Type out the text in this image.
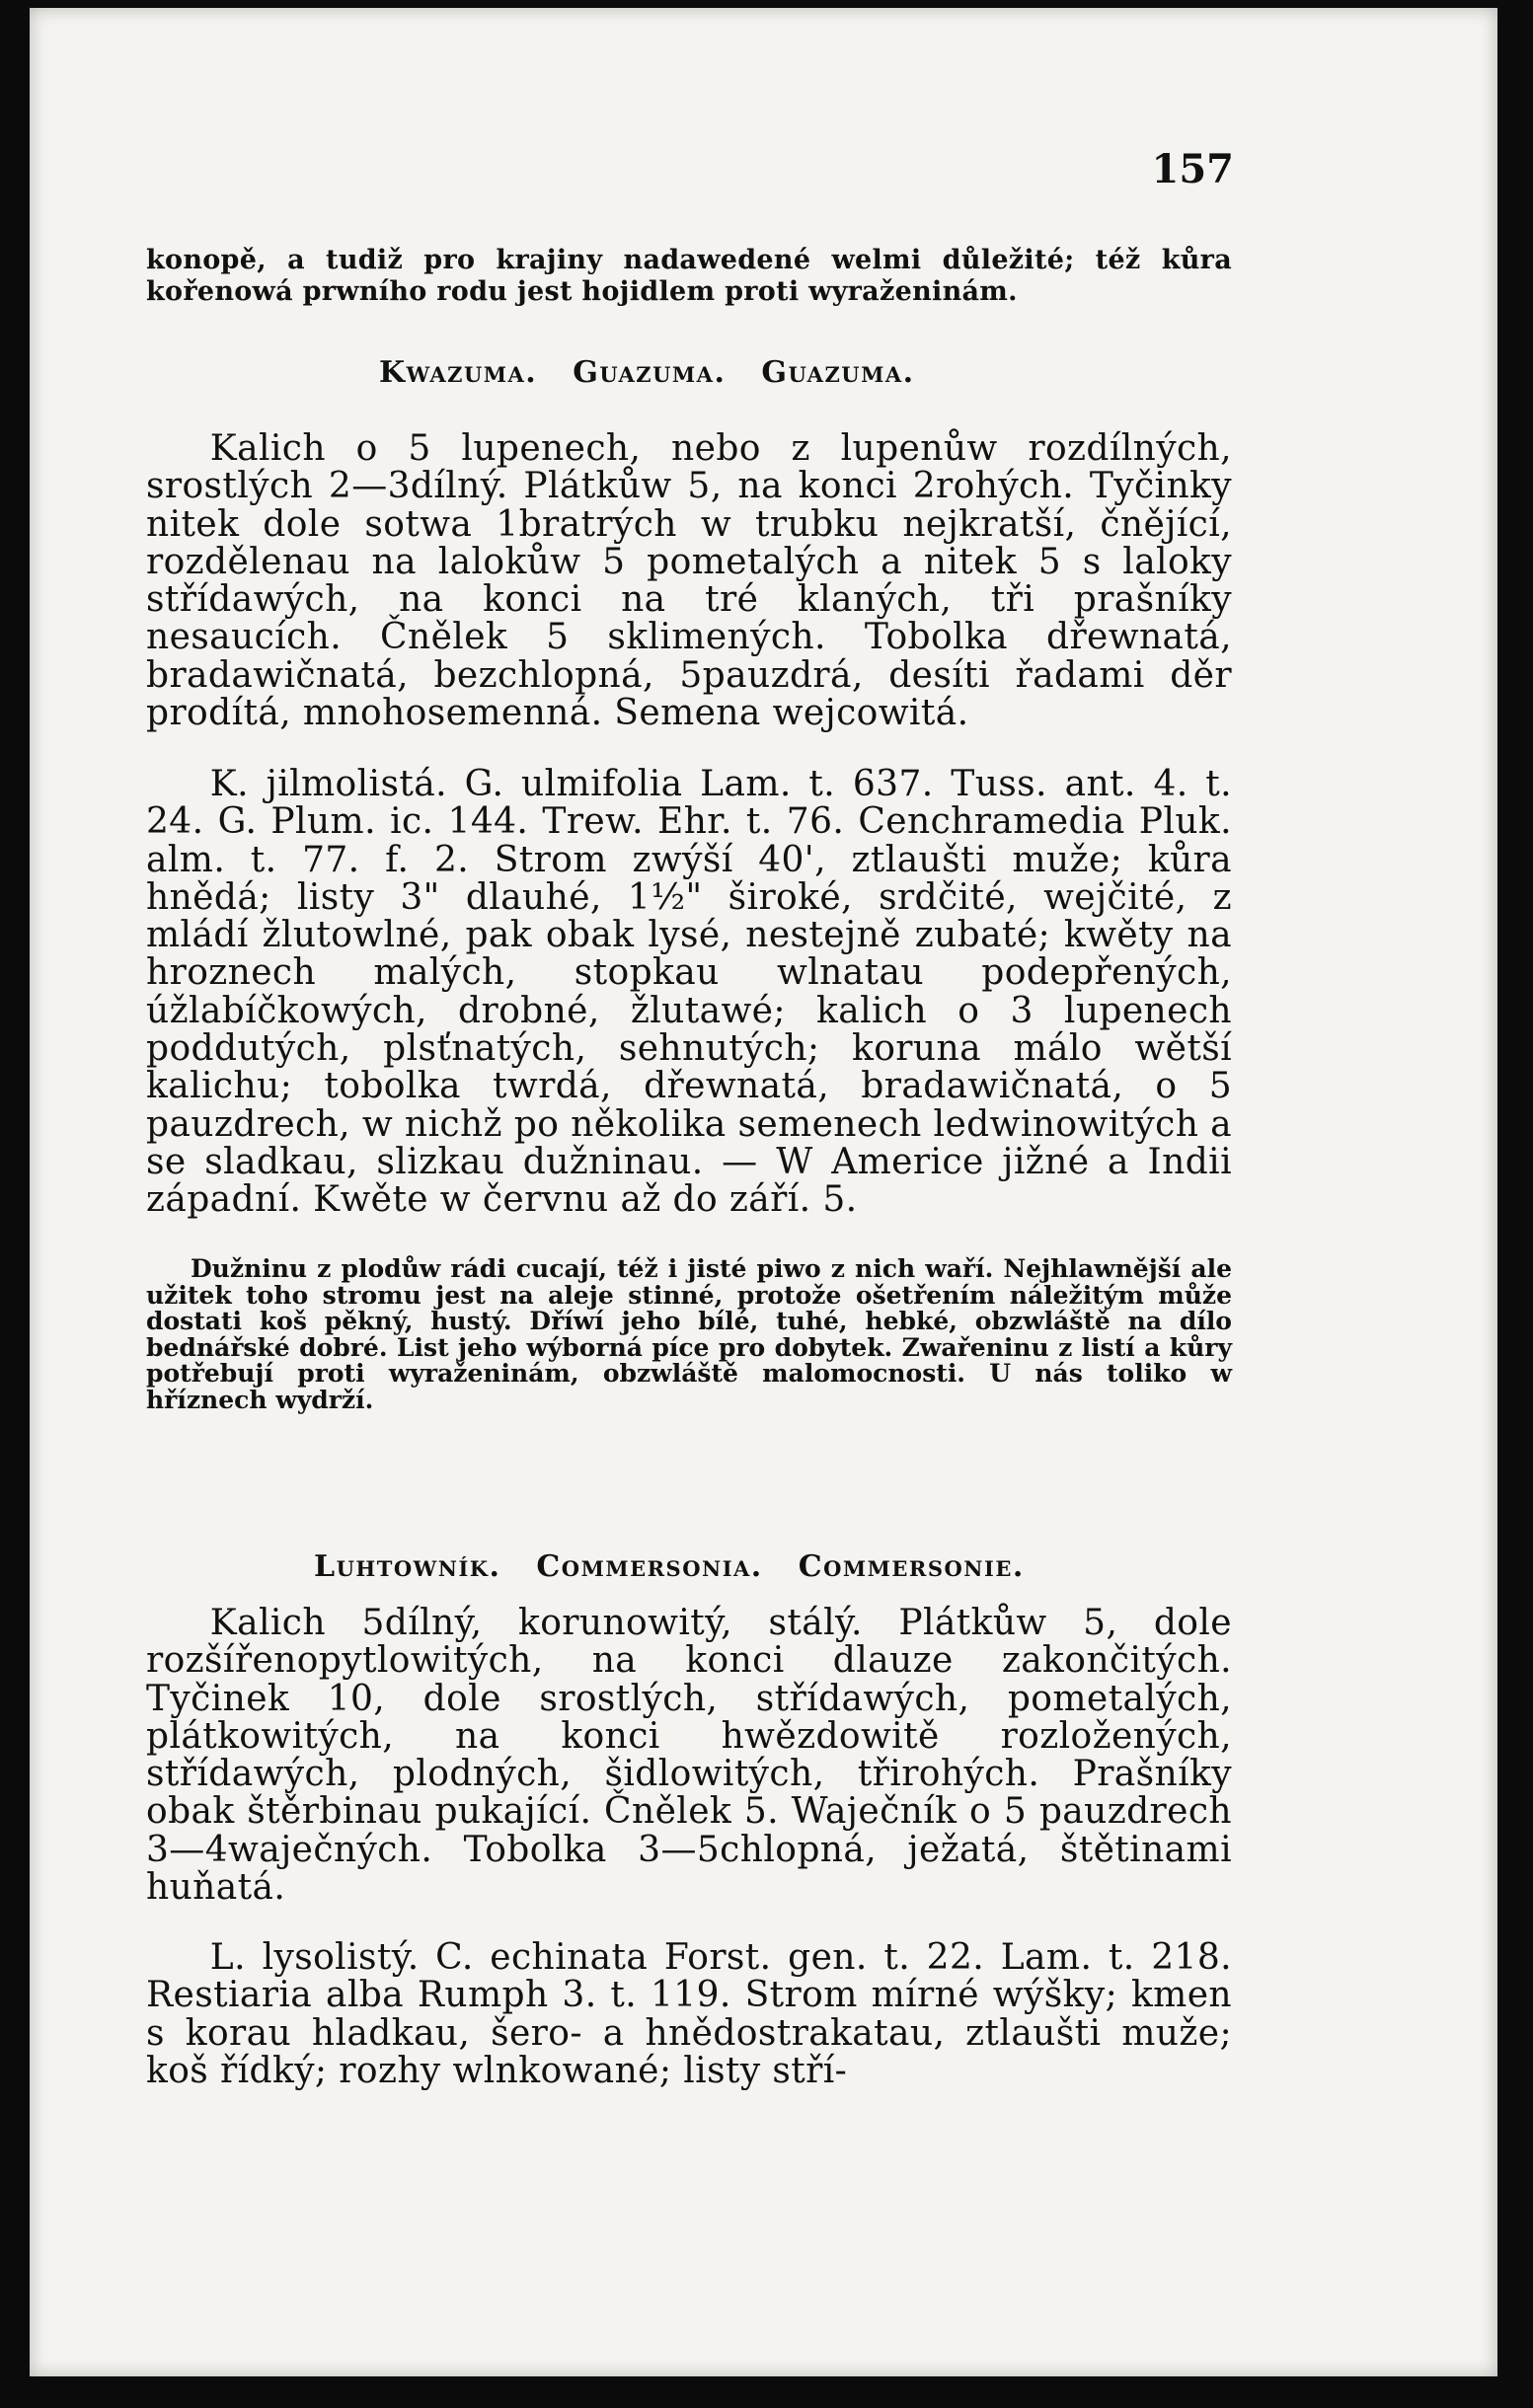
157

konopě, a tudiž pro krajiny nadawedené welmi důležité; též kůra kořenowá prwního rodu jest hojidlem proti wyraženinám.

Kwazuma. Guazuma. Guazuma.

Kalich o 5 lupenech, nebo z lupenůw rozdílných, srostlých 2—3dílný. Plátkůw 5, na konci 2rohých. Tyčinky nitek dole sotwa 1bratrých w trubku nejkratší, čnějící, rozdělenau na lalokůw 5 pometalých a nitek 5 s laloky střídawých, na konci na tré klaných, tři prašníky nesaucích. Čnělek 5 sklimených. Tobolka dřewnatá, bradawičnatá, bezchlopná, 5pauzdrá, desíti řadami děr prodítá, mnohosemenná. Semena wejcowitá.

K. jilmolistá. G. ulmifolia Lam. t. 637. Tuss. ant. 4. t. 24. G. Plum. ic. 144. Trew. Ehr. t. 76. Cenchramedia Pluk. alm. t. 77. f. 2. Strom zwýší 40', ztlaušti muže; kůra hnědá; listy 3" dlauhé, 1½" široké, srdčité, wejčité, z mládí žlutowlné, pak obak lysé, nestejně zubaté; kwěty na hroznech malých, stopkau wlnatau podepřených, úžlabíčkowých, drobné, žlutawé; kalich o 3 lupenech poddutých, plsťnatých, sehnutých; koruna málo wětší kalichu; tobolka twrdá, dřewnatá, bradawičnatá, o 5 pauzdrech, w nichž po několika semenech ledwinowitých a se sladkau, slizkau dužninau. — W Americe jižné a Indii západní. Kwěte w červnu až do září. 5.

Dužninu z plodůw rádi cucají, též i jisté piwo z nich waří. Nejhlawnější ale užitek toho stromu jest na aleje stinné, protože ošetřením náležitým může dostati koš pěkný, hustý. Dříwí jeho bílé, tuhé, hebké, obzwláště na dílo bednářské dobré. List jeho wýborná píce pro dobytek. Zwařeninu z listí a kůry potřebují proti wyraženinám, obzwláště malomocnosti. U nás toliko w hříznech wydrží.

Luhtowník. Commersonia. Commersonie.

Kalich 5dílný, korunowitý, stálý. Plátkůw 5, dole rozšířenopytlowitých, na konci dlauze zakončitých. Tyčinek 10, dole srostlých, střídawých, pometalých, plátkowitých, na konci hwězdowitě rozložených, střídawých, plodných, šidlowitých, třirohých. Prašníky obak štěrbinau pukající. Čnělek 5. Waječník o 5 pauzdrech 3—4waječných. Tobolka 3—5chlopná, ježatá, štětinami huňatá.

L. lysolistý. C. echinata Forst. gen. t. 22. Lam. t. 218. Restiaria alba Rumph 3. t. 119. Strom mírné wýšky; kmen s korau hladkau, šero- a hnědostrakatau, ztlaušti muže; koš řídký; rozhy wlnkowané; listy stří-
